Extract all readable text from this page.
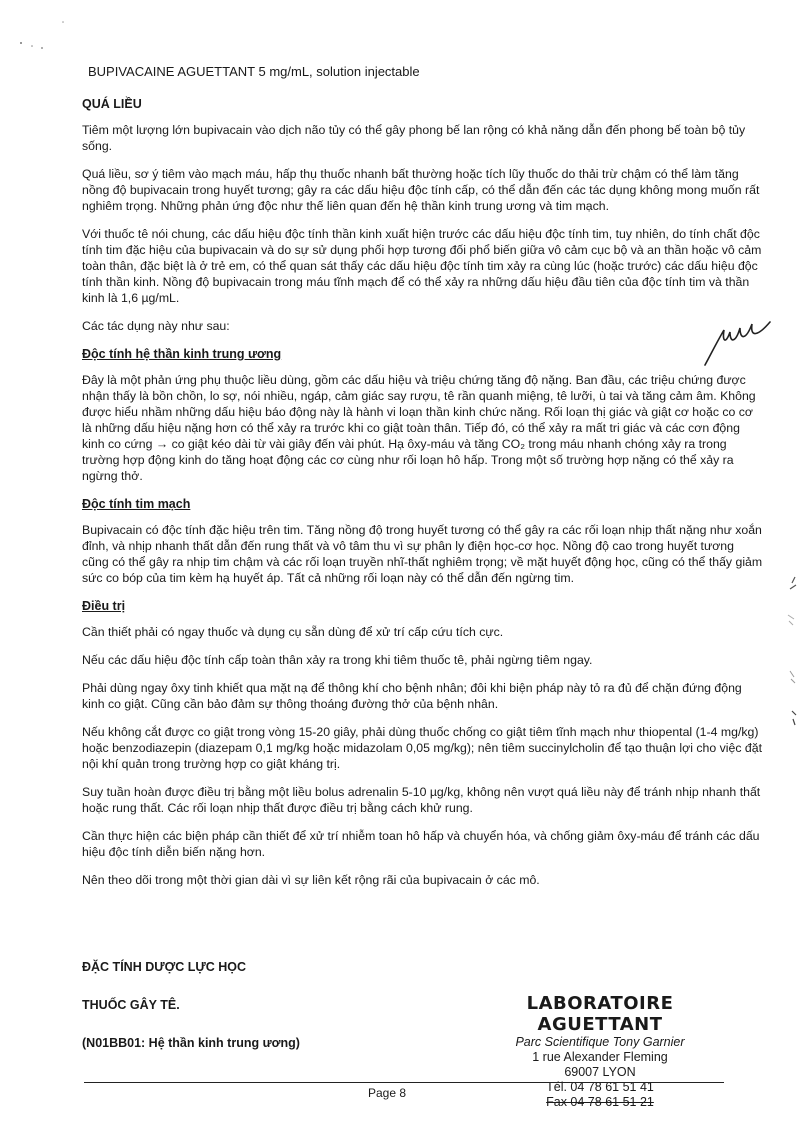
BUPIVACAINE AGUETTANT 5 mg/mL, solution injectable
QUÁ LIỀU

Tiêm một lượng lớn bupivacain vào dịch não tủy có thể gây phong bế lan rộng có khả năng dẫn đến phong bế toàn bộ tủy sống.

Quá liều, sơ ý tiêm vào mạch máu, hấp thụ thuốc nhanh bất thường hoặc tích lũy thuốc do thải trừ chậm có thể làm tăng nồng độ bupivacain trong huyết tương; gây ra các dấu hiệu độc tính cấp, có thể dẫn đến các tác dụng không mong muốn rất nghiêm trọng. Những phản ứng độc như thế liên quan đến hệ thần kinh trung ương và tim mạch.

Với thuốc tê nói chung, các dấu hiệu độc tính thần kinh xuất hiện trước các dấu hiệu độc tính tim, tuy nhiên, do tính chất độc tính tim đặc hiệu của bupivacain và do sự sử dụng phối hợp tương đối phổ biến giữa vô cảm cục bộ và an thần hoặc vô cảm toàn thân, đặc biệt là ở trẻ em, có thể quan sát thấy các dấu hiệu độc tính tim xảy ra cùng lúc (hoặc trước) các dấu hiệu độc tính thần kinh. Nồng độ bupivacain trong máu tĩnh mạch để có thể xảy ra những dấu hiệu đầu tiên của độc tính tim và thần kinh là 1,6 µg/mL.

Các tác dụng này như sau:

Độc tính hệ thần kinh trung ương

Đây là một phản ứng phụ thuộc liều dùng, gồm các dấu hiệu và triệu chứng tăng độ nặng. Ban đầu, các triệu chứng được nhận thấy là bồn chồn, lo sợ, nói nhiều, ngáp, cảm giác say rượu, tê rần quanh miệng, tê lưỡi, ù tai và tăng cảm âm. Không được hiểu nhầm những dấu hiệu báo động này là hành vi loạn thần kinh chức năng. Rối loạn thị giác và giật cơ hoặc co cơ là những dấu hiệu nặng hơn có thể xảy ra trước khi co giật toàn thân. Tiếp đó, có thể xảy ra mất tri giác và các cơn động kinh co cứng → co giật kéo dài từ vài giây đến vài phút. Hạ ôxy-máu và tăng CO₂ trong máu nhanh chóng xảy ra trong trường hợp động kinh do tăng hoạt động các cơ cùng như rối loạn hô hấp. Trong một số trường hợp nặng có thể xảy ra ngừng thở.

Độc tính tim mạch

Bupivacain có độc tính đặc hiệu trên tim. Tăng nồng độ trong huyết tương có thể gây ra các rối loạn nhịp thất nặng như xoắn đỉnh, và nhịp nhanh thất dẫn đến rung thất và vô tâm thu vì sự phân ly điện học-cơ học. Nồng độ cao trong huyết tương cũng có thể gây ra nhịp tim chậm và các rối loạn truyền nhĩ-thất nghiêm trọng; về mặt huyết động học, cũng có thể thấy giảm sức co bóp của tim kèm hạ huyết áp. Tất cả những rối loạn này có thể dẫn đến ngừng tim.

Điều trị

Cần thiết phải có ngay thuốc và dụng cụ sẵn dùng để xử trí cấp cứu tích cực.

Nếu các dấu hiệu độc tính cấp toàn thân xảy ra trong khi tiêm thuốc tê, phải ngừng tiêm ngay.

Phải dùng ngay ôxy tinh khiết qua mặt nạ để thông khí cho bệnh nhân; đôi khi biện pháp này tỏ ra đủ để chặn đứng động kinh co giật. Cũng cần bảo đảm sự thông thoáng đường thở của bệnh nhân.

Nếu không cắt được co giật trong vòng 15-20 giây, phải dùng thuốc chống co giật tiêm tĩnh mạch như thiopental (1-4 mg/kg) hoặc benzodiazepin (diazepam 0,1 mg/kg hoặc midazolam 0,05 mg/kg); nên tiêm succinylcholin để tạo thuận lợi cho việc đặt nội khí quản trong trường hợp co giật kháng trị.

Suy tuần hoàn được điều trị bằng một liều bolus adrenalin 5-10 µg/kg, không nên vượt quá liều này để tránh nhịp nhanh thất hoặc rung thất. Các rối loạn nhịp thất được điều trị bằng cách khử rung.

Cần thực hiện các biện pháp cần thiết để xử trí nhiễm toan hô hấp và chuyển hóa, và chống giảm ôxy-máu để tránh các dấu hiệu độc tính diễn biến nặng hơn.

Nên theo dõi trong một thời gian dài vì sự liên kết rộng rãi của bupivacain ở các mô.

ĐẶC TÍNH DƯỢC LỰC HỌC
THUỐC GÂY TÊ.
(N01BB01: Hệ thần kinh trung ương)
LABORATOIRE AGUETTANT
Parc Scientifique Tony Garnier
1 rue Alexander Fleming
69007 LYON
Tél. 04 78 61 51 41
Fax 04 78 61 51 21
Page 8
